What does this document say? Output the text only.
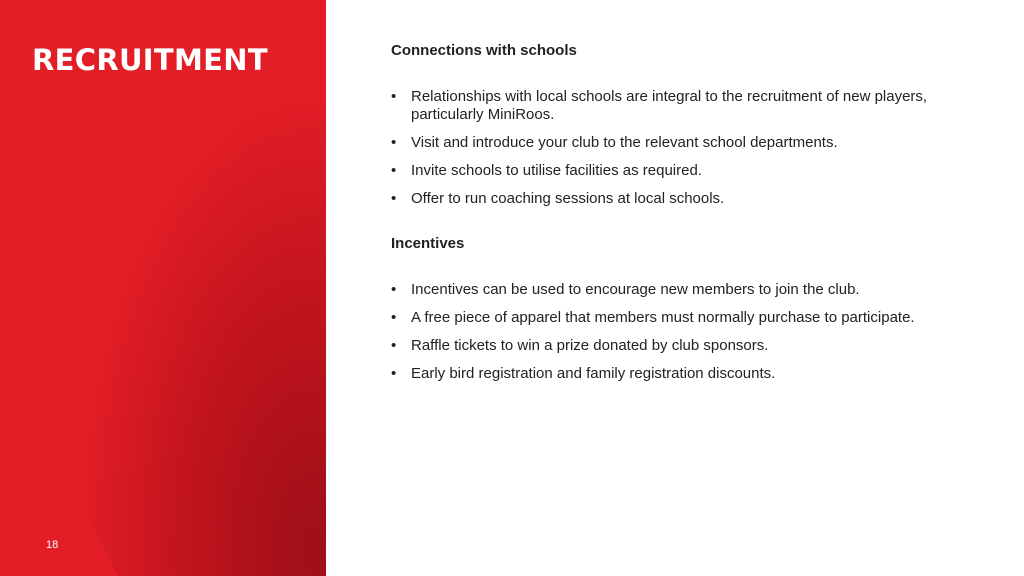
RECRUITMENT
18
Connections with schools
• Relationships with local schools are integral to the recruitment of new players, particularly MiniRoos.
• Visit and introduce your club to the relevant school departments.
• Invite schools to utilise facilities as required.
• Offer to run coaching sessions at local schools.
Incentives
• Incentives can be used to encourage new members to join the club.
• A free piece of apparel that members must normally purchase to participate.
• Raffle tickets to win a prize donated by club sponsors.
• Early bird registration and family registration discounts.
